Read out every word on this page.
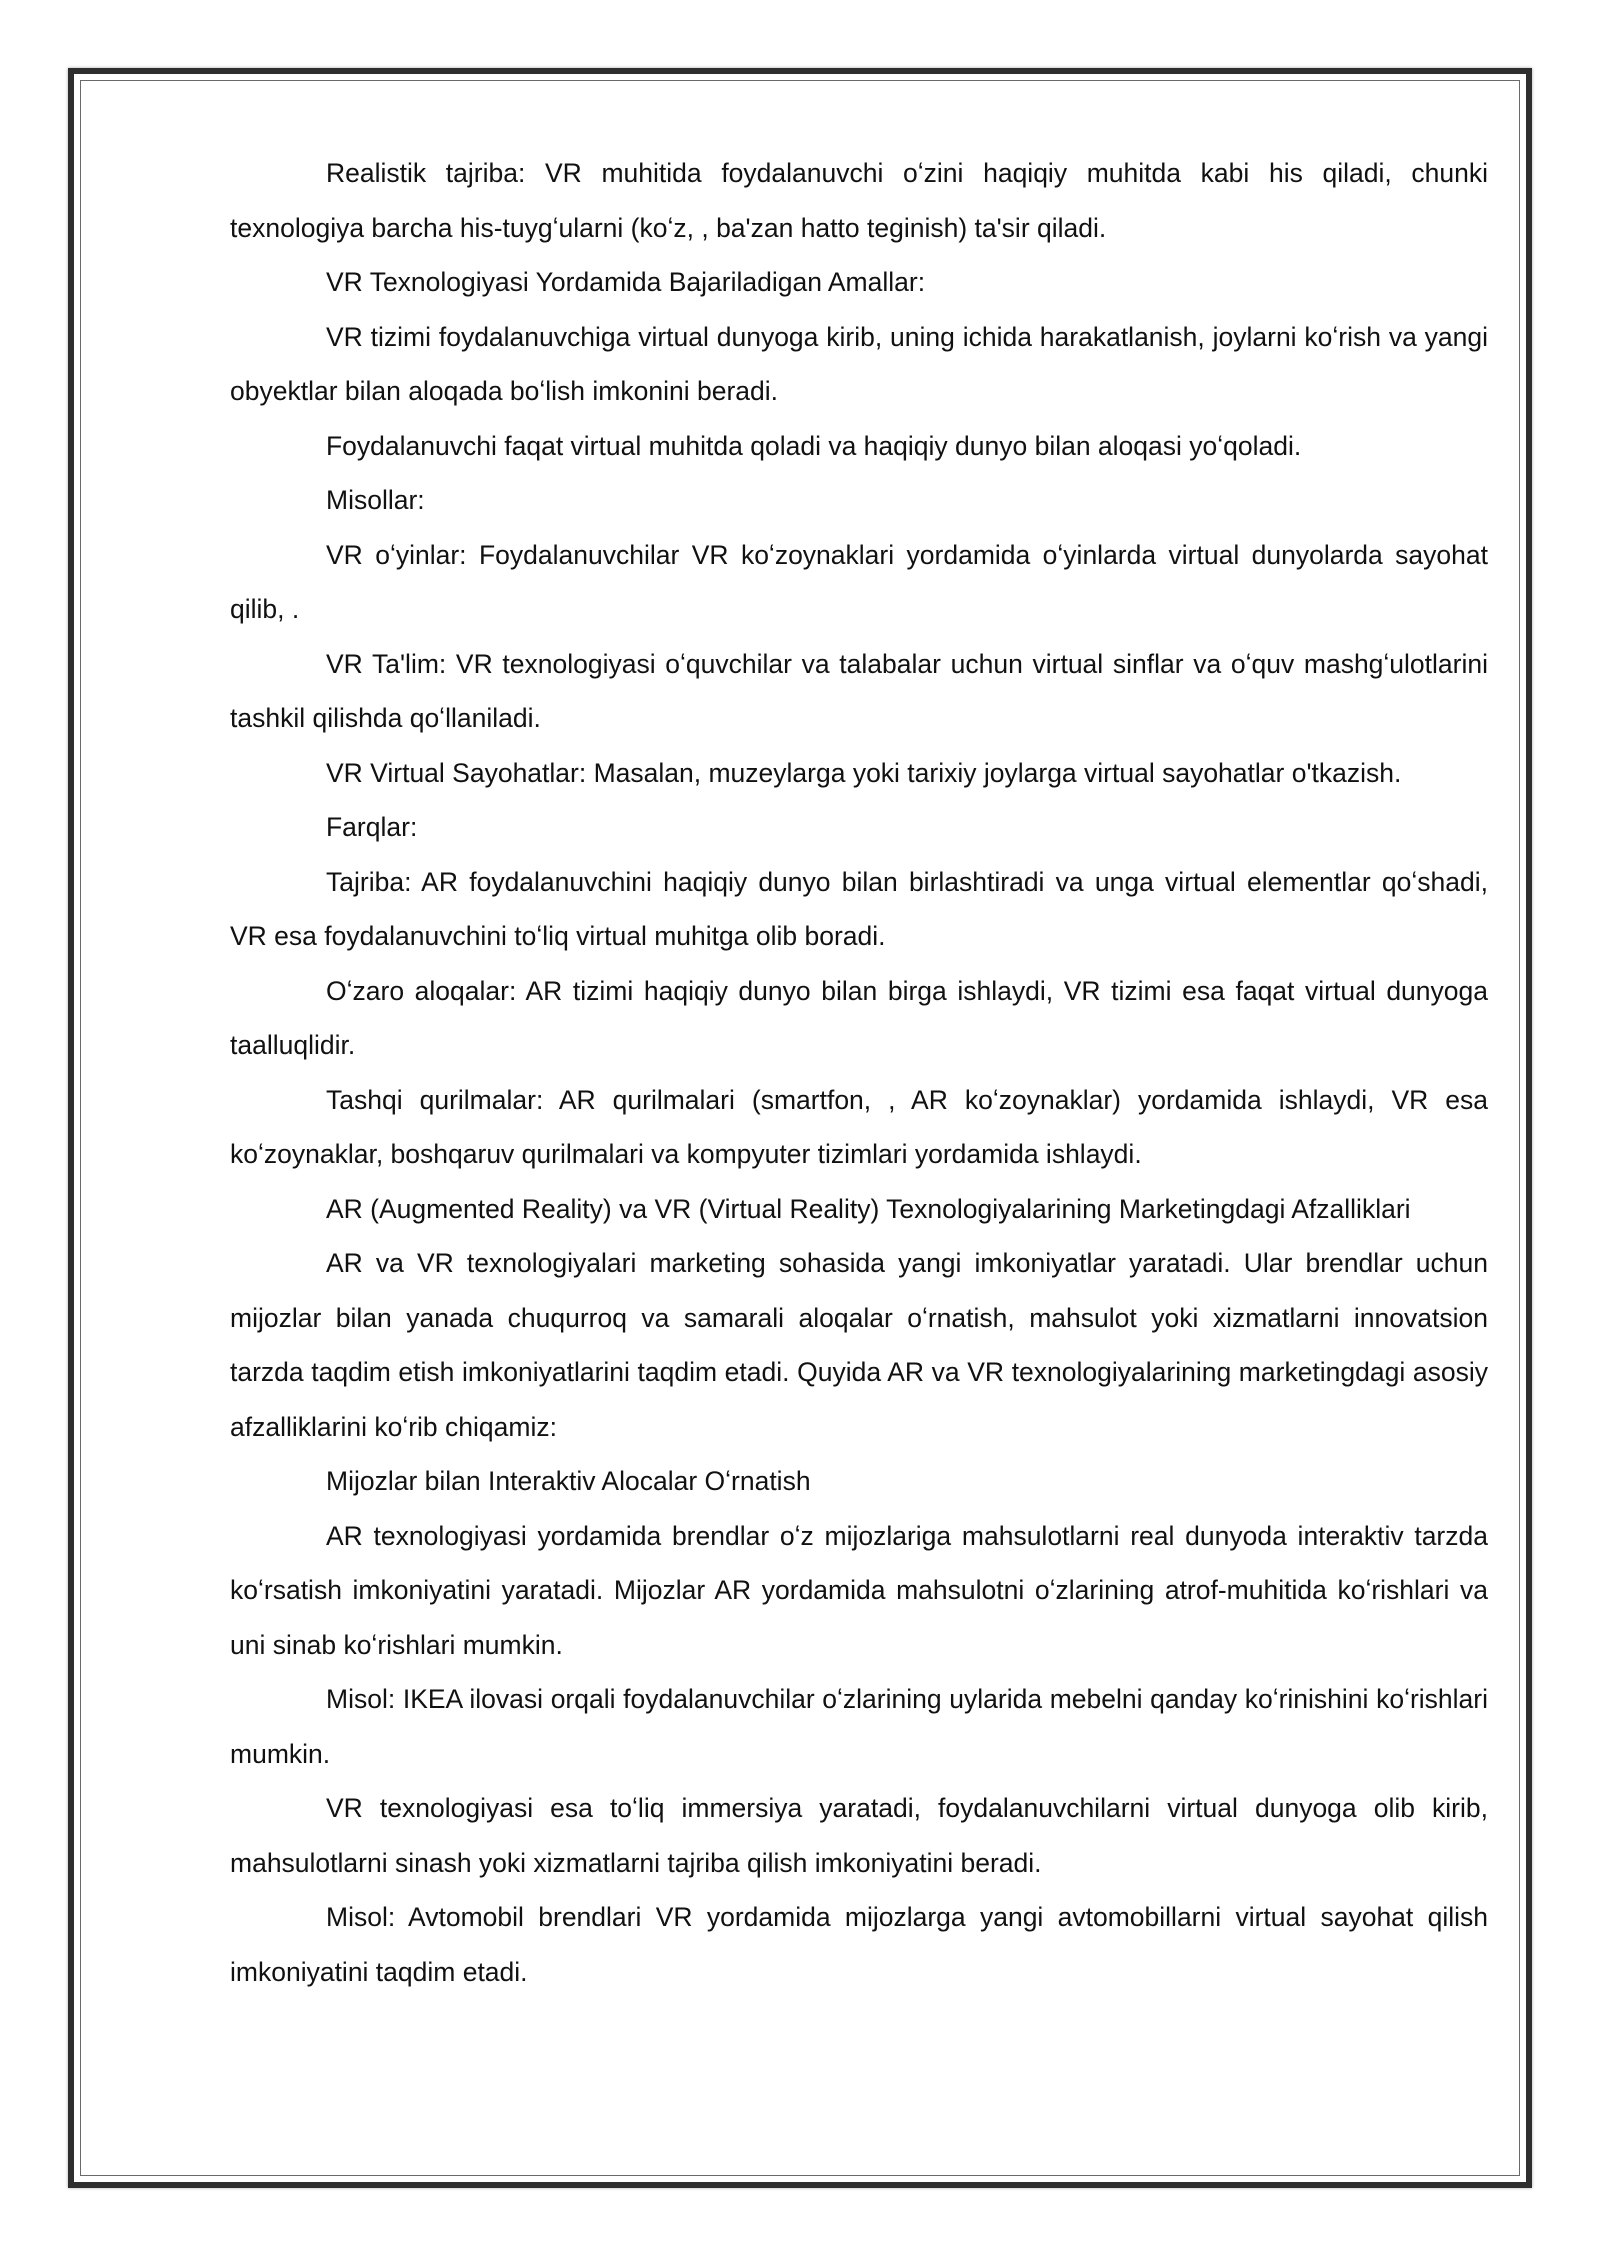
Realistik tajriba: VR muhitida foydalanuvchi oʻzini haqiqiy muhitda kabi his qiladi, chunki texnologiya barcha his-tuygʻularni (koʻz, , ba'zan hatto teginish) ta'sir qiladi.

VR Texnologiyasi Yordamida Bajariladigan Amallar:

VR tizimi foydalanuvchiga virtual dunyoga kirib, uning ichida harakatlanish, joylarni koʻrish va yangi obyektlar bilan aloqada boʻlish imkonini beradi.

Foydalanuvchi faqat virtual muhitda qoladi va haqiqiy dunyo bilan aloqasi yoʻqoladi.

Misollar:

VR oʻyinlar: Foydalanuvchilar VR koʻzoynaklari yordamida oʻyinlarda virtual dunyolarda sayohat qilib, .

VR Ta'lim: VR texnologiyasi oʻquvchilar va talabalar uchun virtual sinflar va oʻquv mashgʻulotlarini tashkil qilishda qoʻllaniladi.

VR Virtual Sayohatlar: Masalan, muzeylarga yoki tarixiy joylarga virtual sayohatlar o'tkazish.

Farqlar:

Tajriba: AR foydalanuvchini haqiqiy dunyo bilan birlashtiradi va unga virtual elementlar qoʻshadi, VR esa foydalanuvchini toʻliq virtual muhitga olib boradi.

Oʻzaro aloqalar: AR tizimi haqiqiy dunyo bilan birga ishlaydi, VR tizimi esa faqat virtual dunyoga taalluqlidir.

Tashqi qurilmalar: AR qurilmalari (smartfon, , AR koʻzoynaklar) yordamida ishlaydi, VR esa koʻzoynaklar, boshqaruv qurilmalari va kompyuter tizimlari yordamida ishlaydi.

AR (Augmented Reality) va VR (Virtual Reality) Texnologiyalarining Marketingdagi Afzalliklari

AR va VR texnologiyalari marketing sohasida yangi imkoniyatlar yaratadi. Ular brendlar uchun mijozlar bilan yanada chuqurroq va samarali aloqalar oʻrnatish, mahsulot yoki xizmatlarni innovatsion tarzda taqdim etish imkoniyatlarini taqdim etadi. Quyida AR va VR texnologiyalarining marketingdagi asosiy afzalliklarini koʻrib chiqamiz:

Mijozlar bilan Interaktiv Alocalar Oʻrnatish

AR texnologiyasi yordamida brendlar oʻz mijozlariga mahsulotlarni real dunyoda interaktiv tarzda koʻrsatish imkoniyatini yaratadi. Mijozlar AR yordamida mahsulotni oʻzlarining atrof-muhitida koʻrishlari va uni sinab koʻrishlari mumkin.

Misol: IKEA ilovasi orqali foydalanuvchilar oʻzlarining uylarida mebelni qanday koʻrinishini koʻrishlari mumkin.

VR texnologiyasi esa toʻliq immersiya yaratadi, foydalanuvchilarni virtual dunyoga olib kirib, mahsulotlarni sinash yoki xizmatlarni tajriba qilish imkoniyatini beradi.

Misol: Avtomobil brendlari VR yordamida mijozlarga yangi avtomobillarni virtual sayohat qilish imkoniyatini taqdim etadi.
